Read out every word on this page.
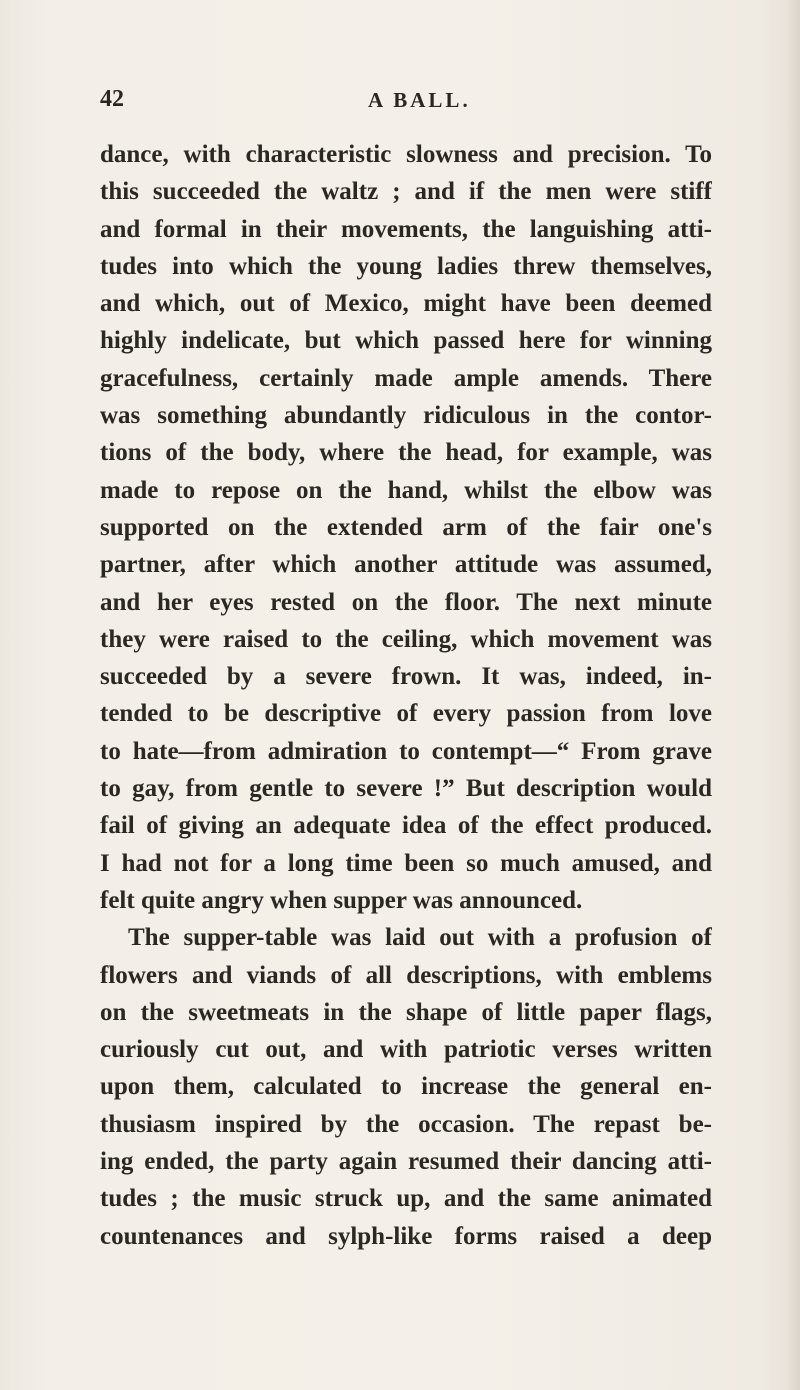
42	A BALL.
dance, with characteristic slowness and precision. To
this succeeded the waltz ; and if the men were stiff
and formal in their movements, the languishing atti-
tudes into which the young ladies threw themselves,
and which, out of Mexico, might have been deemed
highly indelicate, but which passed here for winning
gracefulness, certainly made ample amends. There
was something abundantly ridiculous in the contor-
tions of the body, where the head, for example, was
made to repose on the hand, whilst the elbow was
supported on the extended arm of the fair one's
partner, after which another attitude was assumed,
and her eyes rested on the floor. The next minute
they were raised to the ceiling, which movement was
succeeded by a severe frown. It was, indeed, in-
tended to be descriptive of every passion from love
to hate—from admiration to contempt—“ From grave
to gay, from gentle to severe !” But description would
fail of giving an adequate idea of the effect produced.
I had not for a long time been so much amused, and
felt quite angry when supper was announced.
The supper-table was laid out with a profusion of
flowers and viands of all descriptions, with emblems
on the sweetmeats in the shape of little paper flags,
curiously cut out, and with patriotic verses written
upon them, calculated to increase the general en-
thusiasm inspired by the occasion. The repast be-
ing ended, the party again resumed their dancing atti-
tudes ; the music struck up, and the same animated
countenances and sylph-like forms raised a deep
